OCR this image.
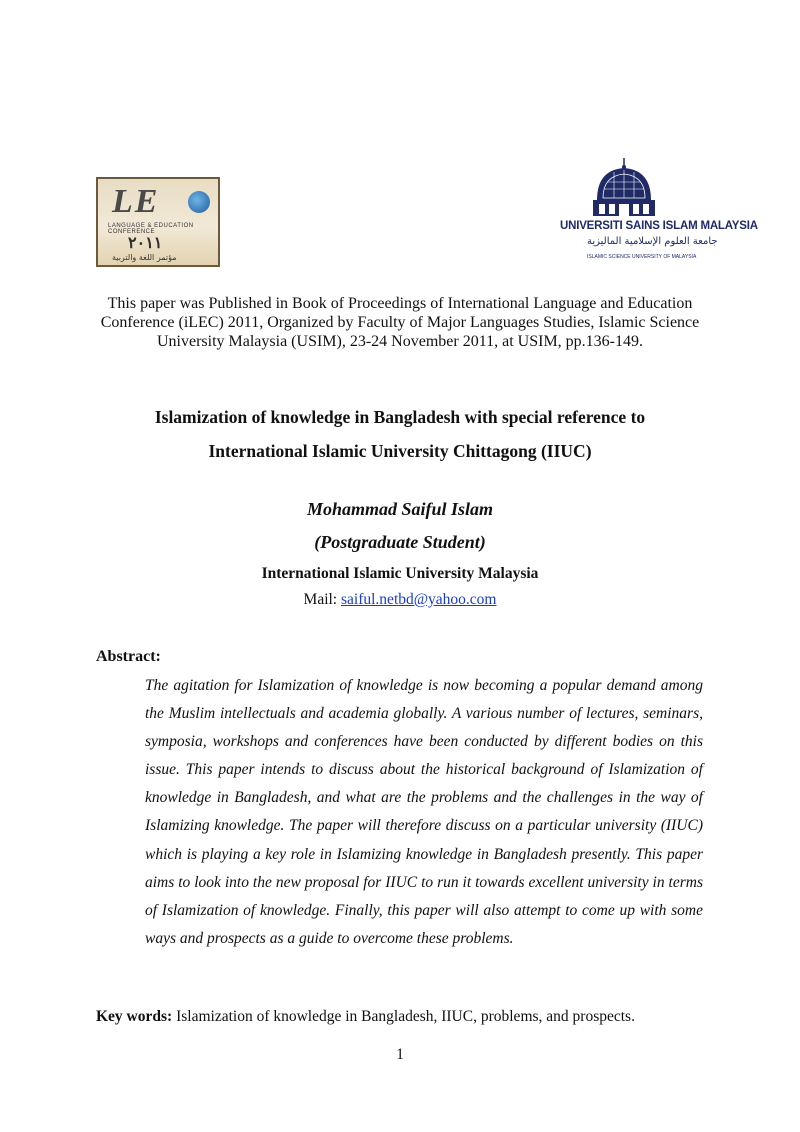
LE
LANGUAGE & EDUCATION CONFERENCE
٢٠١١
مؤتمر اللغة والتربية
UNIVERSITI SAINS ISLAM MALAYSIA
جامعة العلوم الإسلامية الماليزية
ISLAMIC SCIENCE UNIVERSITY OF MALAYSIA
This paper was Published in Book of Proceedings of International Language and Education
Conference (iLEC) 2011, Organized by Faculty of Major Languages Studies, Islamic Science
University Malaysia (USIM), 23-24 November 2011, at USIM, pp.136-149.
Islamization of knowledge in Bangladesh with special reference to
International Islamic University Chittagong (IIUC)
Mohammad Saiful Islam
(Postgraduate Student)
International Islamic University Malaysia
Mail: saiful.netbd@yahoo.com
Abstract:
The agitation for Islamization of knowledge is now becoming a popular demand among the Muslim intellectuals and academia globally. A various number of lectures, seminars, symposia, workshops and conferences have been conducted by different bodies on this issue. This paper intends to discuss about the historical background of Islamization of knowledge in Bangladesh, and what are the problems and the challenges in the way of Islamizing knowledge. The paper will therefore discuss on a particular university (IIUC) which is playing a key role in Islamizing knowledge in Bangladesh presently. This paper aims to look into the new proposal for IIUC to run it towards excellent university in terms of Islamization of knowledge. Finally, this paper will also attempt to come up with some ways and prospects as a guide to overcome these problems.
Key words: Islamization of knowledge in Bangladesh, IIUC, problems, and prospects.
1
